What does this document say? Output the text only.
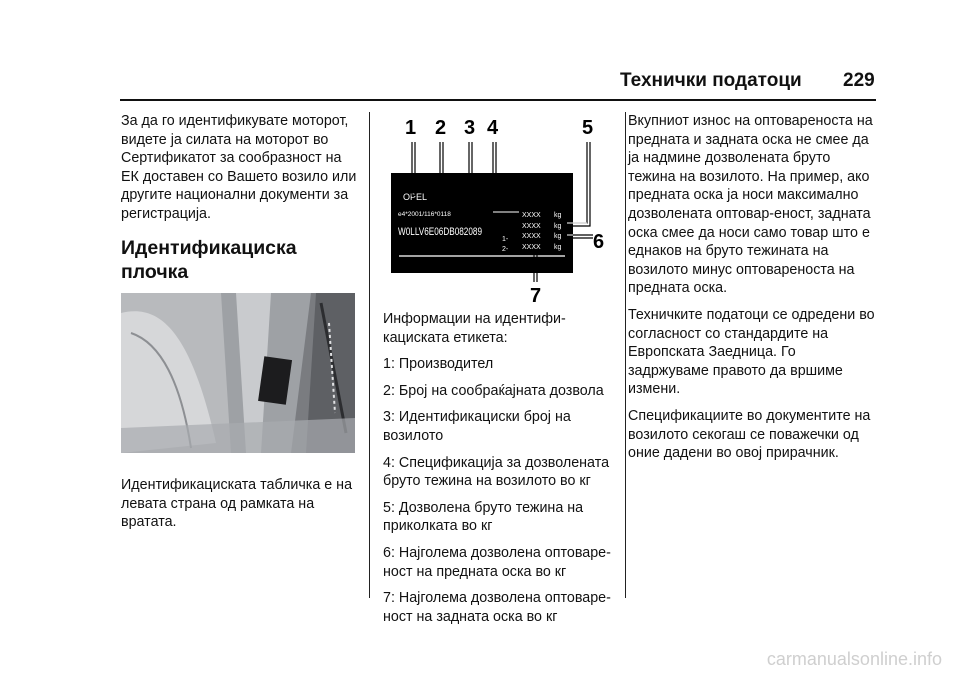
Технички податоци 229

За да го идентификувате моторот, видете ја силата на моторот во Сертификатот за сообразност на ЕК доставен со Вашето возило или другите национални документи за регистрација.

Идентификациска плочка

Идентификациската табличка е на левата страна од рамката на вратата.

OPEL
e4*2001/116*0118
W0LLV6E06DB082089
XXXX kg
XXXX kg
1- XXXX kg
2- XXXX kg
1 2 3 4	5
6
7

Информации на идентифи-кациската етикета:

1: Производител

2: Број на сообраќајната дозвола

3: Идентификациски број на возилото

4: Спецификација за дозволената бруто тежина на возилото во кг

5: Дозволена бруто тежина на приколката во кг

6: Најголема дозволена оптоваре-ност на предната оска во кг

7: Најголема дозволена оптоваре-ност на задната оска во кг

Вкупниот износ на оптовареноста на предната и задната оска не смее да ја надмине дозволената бруто тежина на возилото. На пример, ако предната оска ја носи максимално дозволената оптовар-еност, задната оска смее да носи само товар што е еднаков на бруто тежината на возилото минус оптовареноста на предната оска.

Техничките податоци се одредени во согласност со стандардите на Европската Заедница. Го задржуваме правото да вршиме измени.

Спецификациите во документите на возилото секогаш се поважечки од оние дадени во овој прирачник.

carmanualsonline.info
